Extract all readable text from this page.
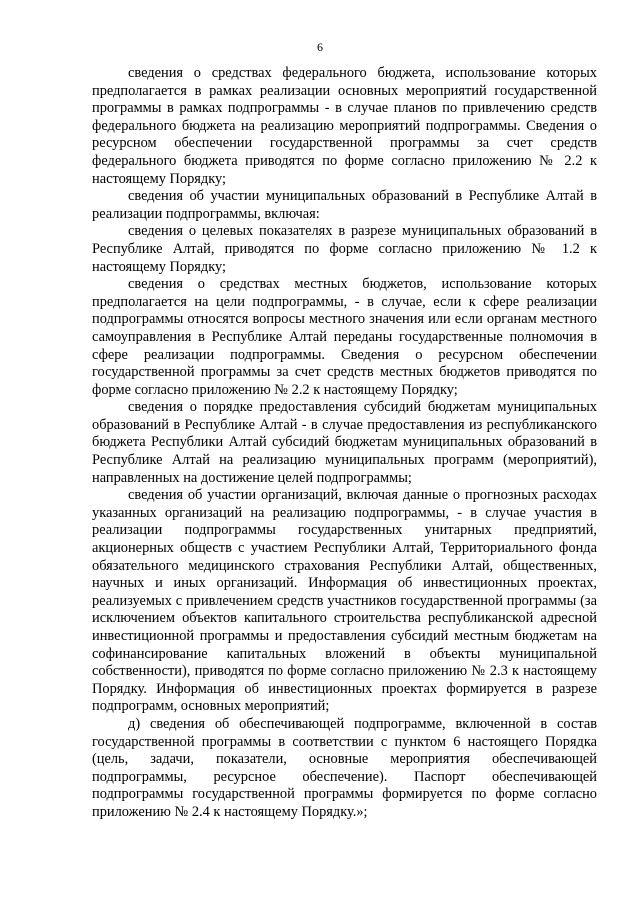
6

сведения о средствах федерального бюджета, использование которых предполагается в рамках реализации основных мероприятий государственной программы в рамках подпрограммы - в случае планов по привлечению средств федерального бюджета на реализацию мероприятий подпрограммы. Сведения о ресурсном обеспечении государственной программы за счет средств федерального бюджета приводятся по форме согласно приложению № 2.2 к настоящему Порядку;

сведения об участии муниципальных образований в Республике Алтай в реализации подпрограммы, включая:

сведения о целевых показателях в разрезе муниципальных образований в Республике Алтай, приводятся по форме согласно приложению № 1.2 к настоящему Порядку;

сведения о средствах местных бюджетов, использование которых предполагается на цели подпрограммы, - в случае, если к сфере реализации подпрограммы относятся вопросы местного значения или если органам местного самоуправления в Республике Алтай переданы государственные полномочия в сфере реализации подпрограммы. Сведения о ресурсном обеспечении государственной программы за счет средств местных бюджетов приводятся по форме согласно приложению № 2.2 к настоящему Порядку;

сведения о порядке предоставления субсидий бюджетам муниципальных образований в Республике Алтай - в случае предоставления из республиканского бюджета Республики Алтай субсидий бюджетам муниципальных образований в Республике Алтай на реализацию муниципальных программ (мероприятий), направленных на достижение целей подпрограммы;

сведения об участии организаций, включая данные о прогнозных расходах указанных организаций на реализацию подпрограммы, - в случае участия в реализации подпрограммы государственных унитарных предприятий, акционерных обществ с участием Республики Алтай, Территориального фонда обязательного медицинского страхования Республики Алтай, общественных, научных и иных организаций. Информация об инвестиционных проектах, реализуемых с привлечением средств участников государственной программы (за исключением объектов капитального строительства республиканской адресной инвестиционной программы и предоставления субсидий местным бюджетам на софинансирование капитальных вложений в объекты муниципальной собственности), приводятся по форме согласно приложению № 2.3 к настоящему Порядку. Информация об инвестиционных проектах формируется в разрезе подпрограмм, основных мероприятий;

д) сведения об обеспечивающей подпрограмме, включенной в состав государственной программы в соответствии с пунктом 6 настоящего Порядка (цель, задачи, показатели, основные мероприятия обеспечивающей подпрограммы, ресурсное обеспечение). Паспорт обеспечивающей подпрограммы государственной программы формируется по форме согласно приложению № 2.4 к настоящему Порядку.»;
